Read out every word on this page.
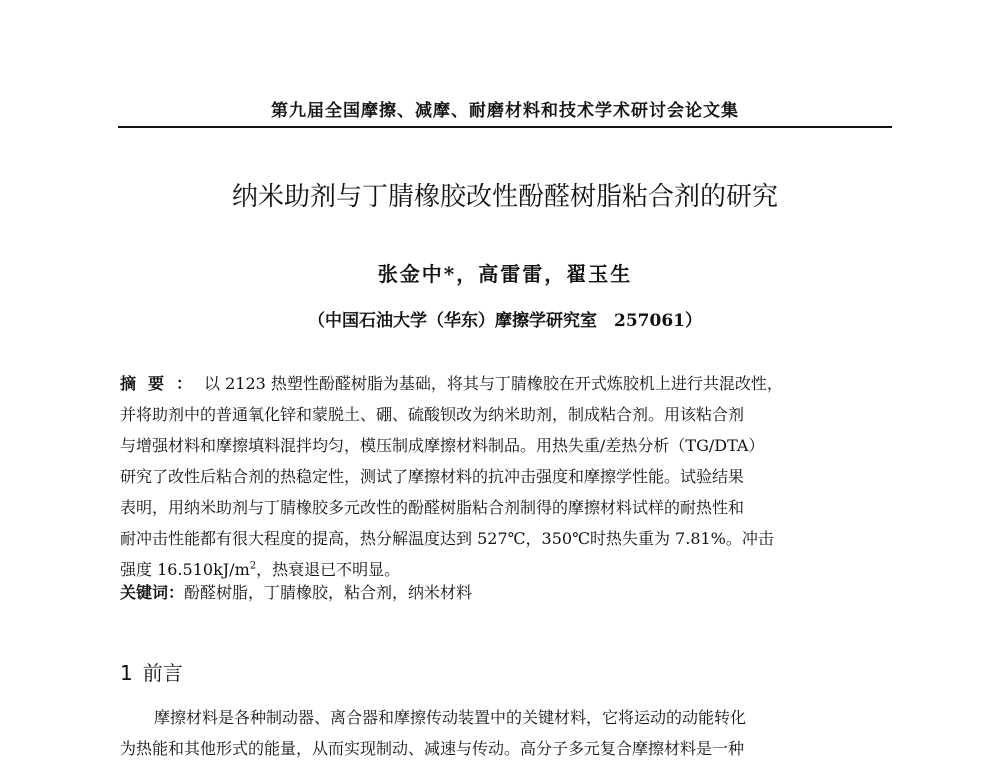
第九届全国摩擦、减摩、耐磨材料和技术学术研讨会论文集
纳米助剂与丁腈橡胶改性酚醛树脂粘合剂的研究
张金中*，高雷雷，翟玉生
（中国石油大学（华东）摩擦学研究室　257061）
摘要：以 2123 热塑性酚醛树脂为基础，将其与丁腈橡胶在开式炼胶机上进行共混改性，
并将助剂中的普通氧化锌和蒙脱土、硼、硫酸钡改为纳米助剂，制成粘合剂。用该粘合剂
与增强材料和摩擦填料混拌均匀，模压制成摩擦材料制品。用热失重/差热分析（TG/DTA）
研究了改性后粘合剂的热稳定性，测试了摩擦材料的抗冲击强度和摩擦学性能。试验结果
表明，用纳米助剂与丁腈橡胶多元改性的酚醛树脂粘合剂制得的摩擦材料试样的耐热性和
耐冲击性能都有很大程度的提高，热分解温度达到 527℃，350℃时热失重为 7.81%。冲击
强度 $16.510kJ/m^2$，热衰退已不明显。
关键词：酚醛树脂，丁腈橡胶，粘合剂，纳米材料
1 前言
摩擦材料是各种制动器、离合器和摩擦传动装置中的关键材料，它将运动的动能转化
为热能和其他形式的能量，从而实现制动、减速与传动。高分子多元复合摩擦材料是一种
